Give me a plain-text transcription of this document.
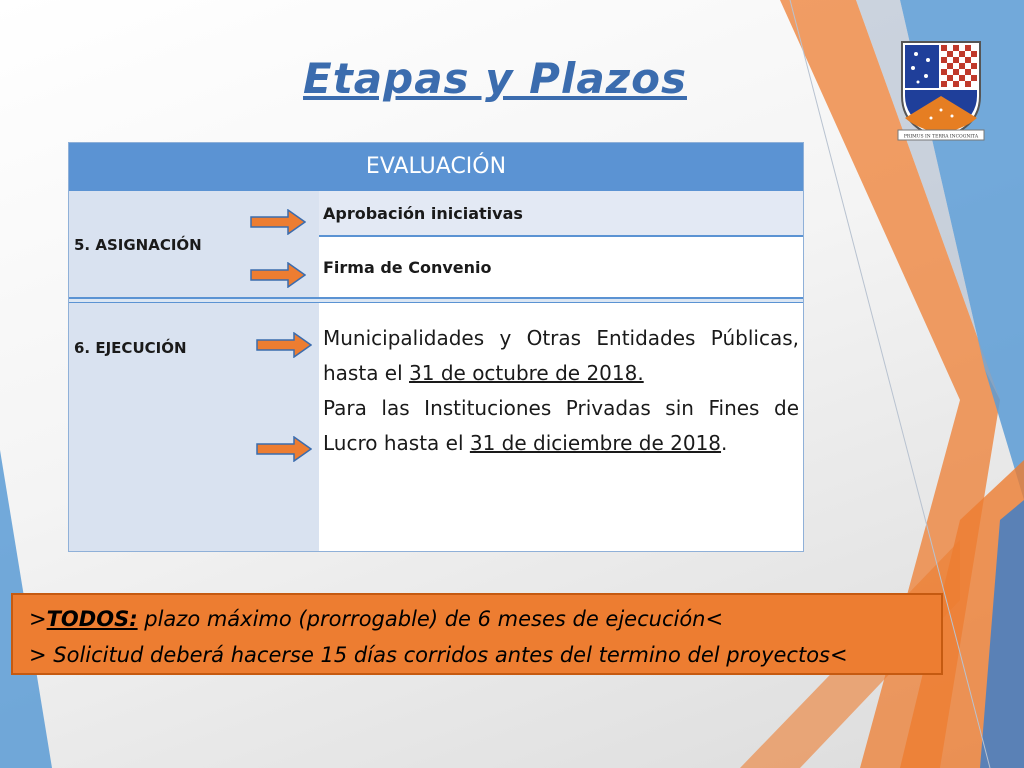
Etapas y Plazos
PRIMUS IN TERRA INCOGNITA
EVALUACIÓN
5. ASIGNACIÓN
6. EJECUCIÓN
Aprobación iniciativas
Firma de Convenio
Municipalidades y Otras Entidades Públicas, hasta el 31 de octubre de 2018.
Para las Instituciones Privadas sin Fines de Lucro hasta el 31 de diciembre de 2018.
>TODOS: plazo máximo (prorrogable) de 6 meses de ejecución<
> Solicitud deberá hacerse 15 días corridos antes del termino del proyectos<
